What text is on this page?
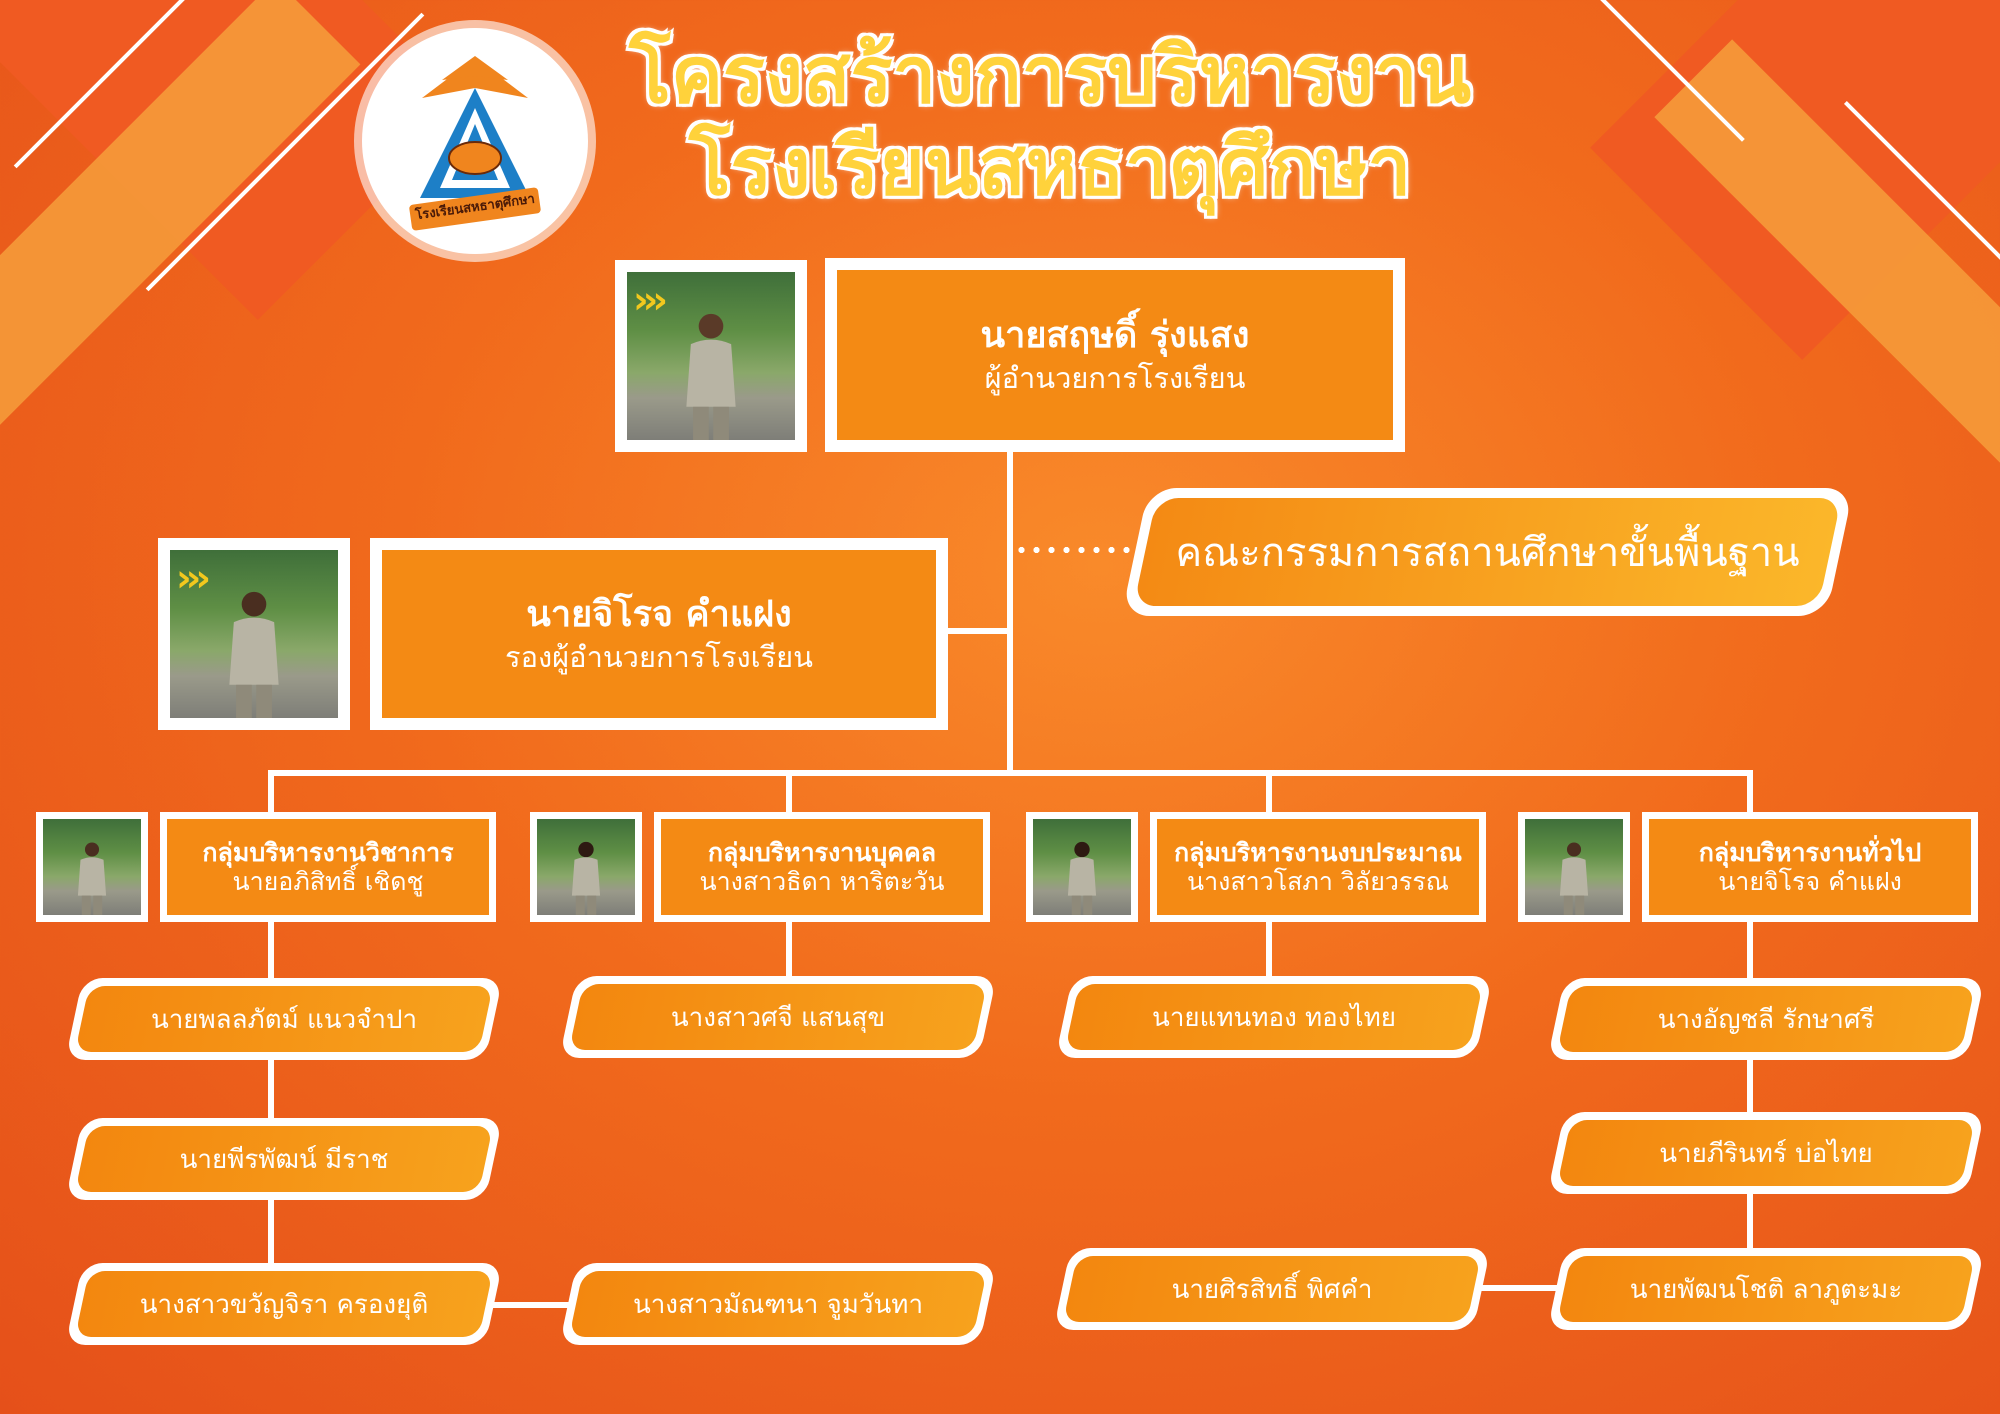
โรงเรียนสหธาตุศึกษา
โครงสร้างการบริหารงาน
โรงเรียนสหธาตุศึกษา
›››
นายสฤษดิ์ รุ่งแสง
ผู้อำนวยการโรงเรียน
คณะกรรมการสถานศึกษาขั้นพื้นฐาน
›››
นายจิโรจ คำแฝง
รองผู้อำนวยการโรงเรียน
กลุ่มบริหารงานวิชาการ
นายอภิสิทธิ์ เชิดชู
กลุ่มบริหารงานบุคคล
นางสาวธิดา หาริตะวัน
กลุ่มบริหารงานงบประมาณ
นางสาวโสภา วิลัยวรรณ
กลุ่มบริหารงานทั่วไป
นายจิโรจ คำแฝง
นายพลลภัตม์ แนวจำปา
นายพีรพัฒน์ มีราช
นางสาวขวัญจิรา ครองยุติ	นางสาวมัณฑนา จูมวันทา
นางสาวศจี แสนสุข	นายแทนทอง ทองไทย
นายศิรสิทธิ์ พิศคำ
นางอัญชลี รักษาศรี
นายภีรินทร์ บ่อไทย
นายพัฒนโชติ ลาภูตะมะ
